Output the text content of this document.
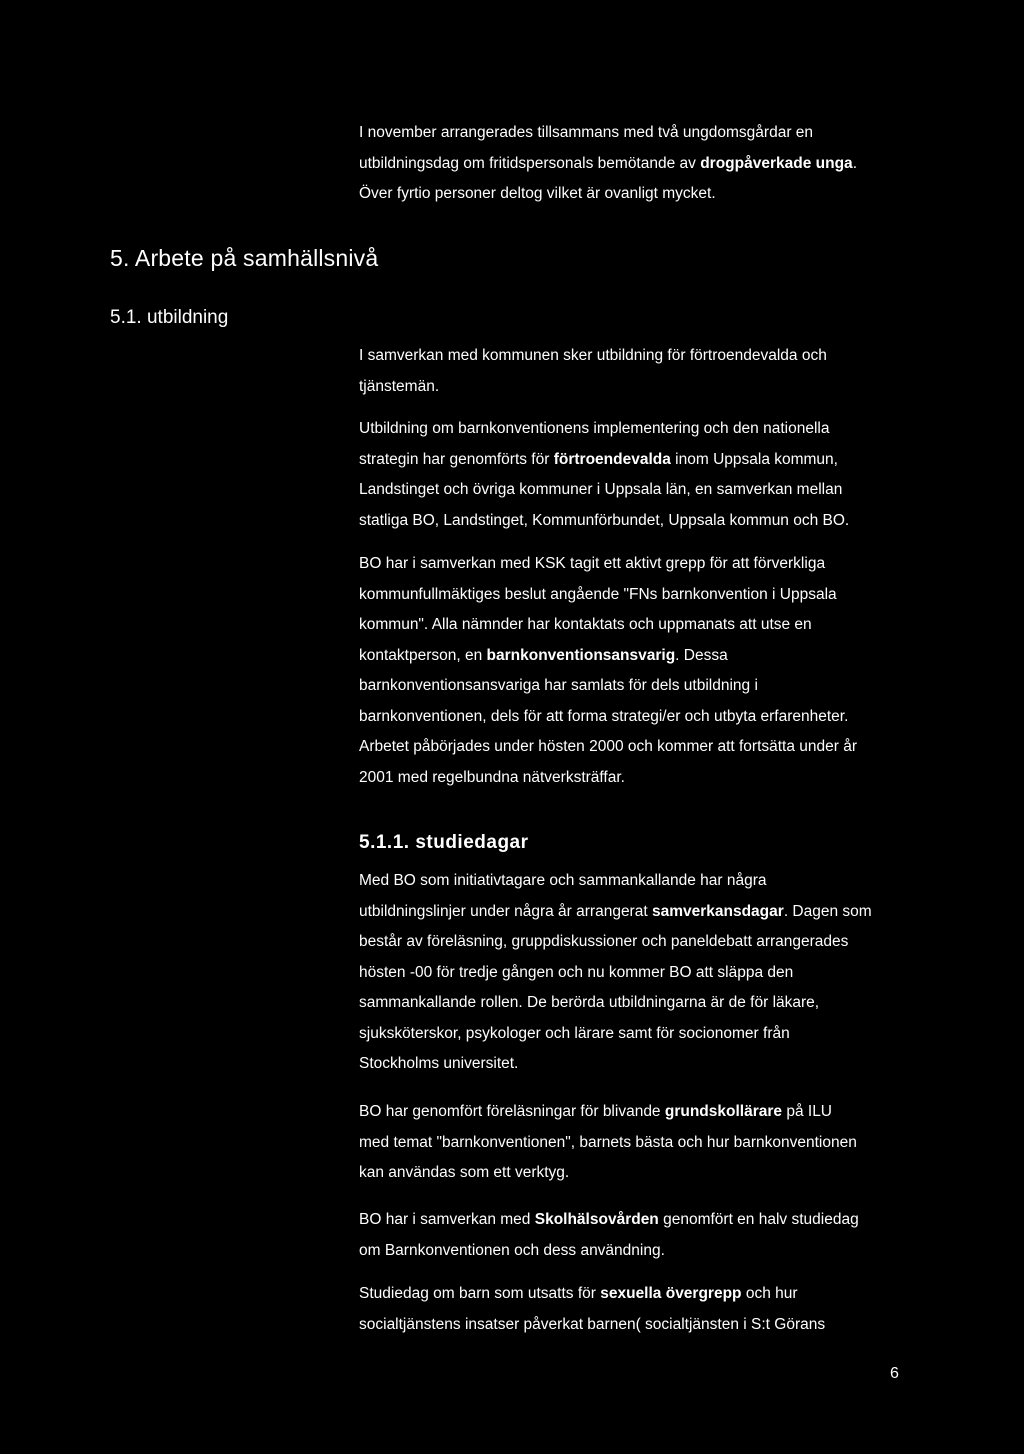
I november arrangerades tillsammans med två ungdomsgårdar en
utbildningsdag om fritidspersonals bemötande av drogpåverkade unga.
Över fyrtio personer deltog vilket är ovanligt mycket.
5. Arbete på samhällsnivå
5.1. utbildning
I samverkan med kommunen sker utbildning för förtroendevalda och
tjänstemän.
Utbildning om barnkonventionens implementering och den nationella
strategin har genomförts för förtroendevalda inom Uppsala kommun,
Landstinget och övriga kommuner i Uppsala län, en samverkan mellan
statliga BO, Landstinget, Kommunförbundet, Uppsala kommun och BO.
BO har i samverkan med KSK tagit ett aktivt grepp för att förverkliga
kommunfullmäktiges beslut angående "FNs barnkonvention i Uppsala
kommun". Alla nämnder har kontaktats och uppmanats att utse en
kontaktperson, en barnkonventionsansvarig. Dessa
barnkonventionsansvariga har samlats för dels utbildning i
barnkonventionen, dels för att forma strategi/er och utbyta erfarenheter.
Arbetet påbörjades under hösten 2000 och kommer att fortsätta under år
2001 med regelbundna nätverksträffar.
5.1.1. studiedagar
Med BO som initiativtagare och sammankallande har några
utbildningslinjer under några år arrangerat samverkansdagar. Dagen som
består av föreläsning, gruppdiskussioner och paneldebatt arrangerades
hösten -00 för tredje gången och nu kommer BO att släppa den
sammankallande rollen. De berörda utbildningarna är de för läkare,
sjuksköterskor, psykologer och lärare samt för socionomer från
Stockholms universitet.
BO har genomfört föreläsningar för blivande grundskollärare på ILU
med temat "barnkonventionen", barnets bästa och hur barnkonventionen
kan användas som ett verktyg.
BO har i samverkan med Skolhälsovården genomfört en halv studiedag
om Barnkonventionen och dess användning.
Studiedag om barn som utsatts för sexuella övergrepp och hur
socialtjänstens insatser påverkat barnen( socialtjänsten i S:t Görans
6
